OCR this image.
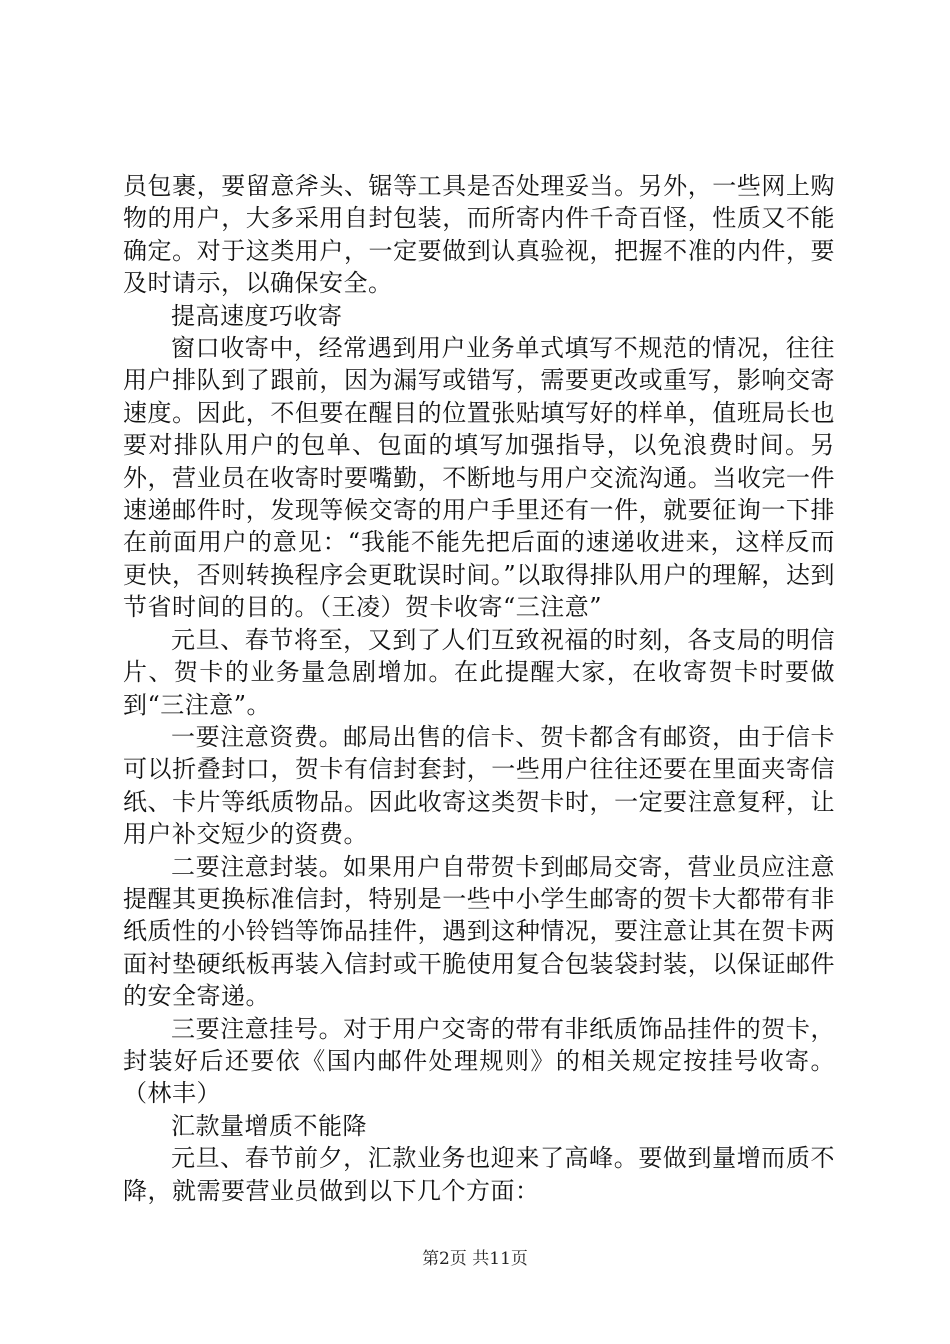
员包裹，要留意斧头、锯等工具是否处理妥当。另外，一些网上购物的用户，大多采用自封包装，而所寄内件千奇百怪，性质又不能确定。对于这类用户，一定要做到认真验视，把握不准的内件，要及时请示，以确保安全。

提高速度巧收寄

窗口收寄中，经常遇到用户业务单式填写不规范的情况，往往用户排队到了跟前，因为漏写或错写，需要更改或重写，影响交寄速度。因此，不但要在醒目的位置张贴填写好的样单，值班局长也要对排队用户的包单、包面的填写加强指导，以免浪费时间。另外，营业员在收寄时要嘴勤，不断地与用户交流沟通。当收完一件速递邮件时，发现等候交寄的用户手里还有一件，就要征询一下排在前面用户的意见：“我能不能先把后面的速递收进来，这样反而更快，否则转换程序会更耽误时间。”以取得排队用户的理解，达到节省时间的目的。（王凌）贺卡收寄“三注意”

元旦、春节将至，又到了人们互致祝福的时刻，各支局的明信片、贺卡的业务量急剧增加。在此提醒大家，在收寄贺卡时要做到“三注意”。

一要注意资费。邮局出售的信卡、贺卡都含有邮资，由于信卡可以折叠封口，贺卡有信封套封，一些用户往往还要在里面夹寄信纸、卡片等纸质物品。因此收寄这类贺卡时，一定要注意复秤，让用户补交短少的资费。

二要注意封装。如果用户自带贺卡到邮局交寄，营业员应注意提醒其更换标准信封，特别是一些中小学生邮寄的贺卡大都带有非纸质性的小铃铛等饰品挂件，遇到这种情况，要注意让其在贺卡两面衬垫硬纸板再装入信封或干脆使用复合包装袋封装，以保证邮件的安全寄递。

三要注意挂号。对于用户交寄的带有非纸质饰品挂件的贺卡，封装好后还要依《国内邮件处理规则》的相关规定按挂号收寄。（林丰）

汇款量增质不能降

元旦、春节前夕，汇款业务也迎来了高峰。要做到量增而质不降，就需要营业员做到以下几个方面：

第2页 共11页
